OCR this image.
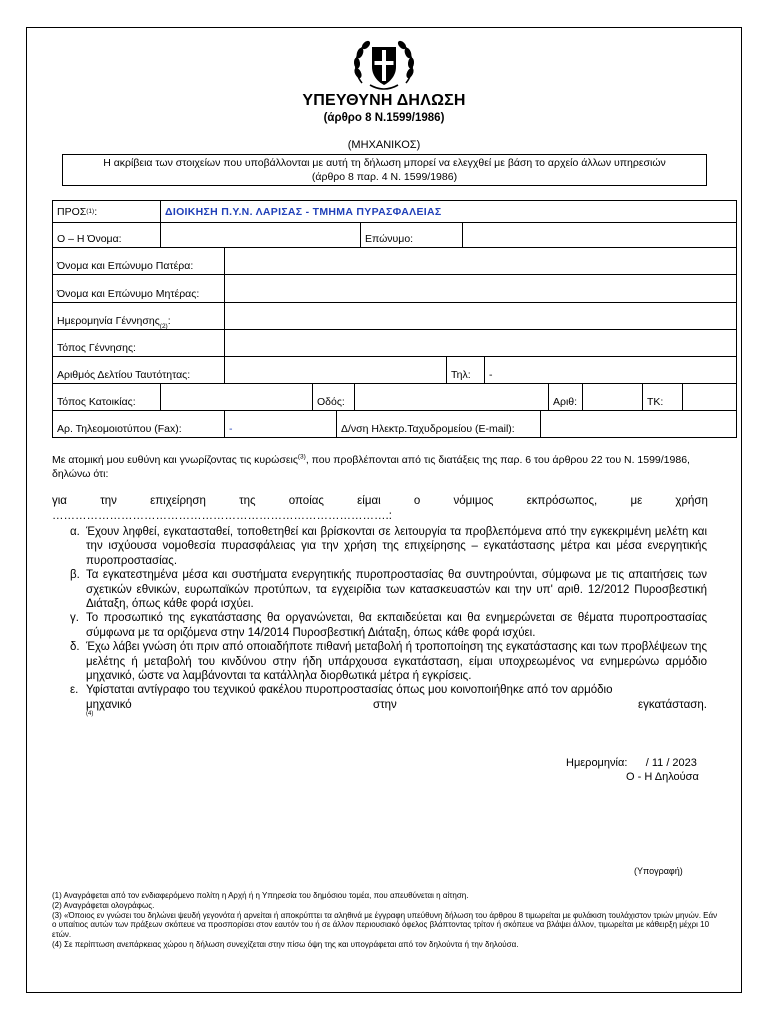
ΥΠΕΥΘΥΝΗ ΔΗΛΩΣΗ
(άρθρο 8 Ν.1599/1986)
(ΜΗΧΑΝΙΚΟΣ)
Η ακρίβεια των στοιχείων που υποβάλλονται με αυτή τη δήλωση μπορεί να ελεγχθεί με βάση το αρχείο άλλων υπηρεσιών
(άρθρο 8 παρ. 4 Ν. 1599/1986)
ΠΡΟΣ (1) :	ΔΙΟΙΚΗΣΗ Π.Υ.Ν. ΛΑΡΙΣΑΣ - ΤΜΗΜΑ ΠΥΡΑΣΦΑΛΕΙΑΣ
Ο – Η Όνομα:	Επώνυμο:
Όνομα και Επώνυμο Πατέρα:
Όνομα και Επώνυμο Μητέρας:
Ημερομηνία Γέννησης (2) :
Τόπος Γέννησης:
Αριθμός Δελτίου Ταυτότητας:	Τηλ:	-
Τόπος Κατοικίας:	Οδός:	Αριθ:	ΤΚ:
Αρ. Τηλεομοιοτύπου (Fax):	-	Δ/νση Ηλεκτρ.Ταχυδρομείου (E-mail):
Με ατομική μου ευθύνη και γνωρίζοντας τις κυρώσεις$^{(3)}$, που προβλέπονται από τις διατάξεις της παρ. 6 του άρθρου 22 του Ν. 1599/1986, δηλώνω ότι:
για	την	επιχείρηση	της	οποίας	είμαι	ο	νόμιμος	εκπρόσωπος,	με	χρήση
…………………………………………………………………………….:
α. Έχουν ληφθεί, εγκατασταθεί, τοποθετηθεί και βρίσκονται σε λειτουργία τα προβλεπόμενα από την εγκεκριμένη μελέτη και την ισχύουσα νομοθεσία πυρασφάλειας για την χρήση της επιχείρησης – εγκατάστασης μέτρα και μέσα ενεργητικής πυροπροστασίας.
β. Τα εγκατεστημένα μέσα και συστήματα ενεργητικής πυροπροστασίας θα συντηρούνται, σύμφωνα με τις απαιτήσεις των σχετικών εθνικών, ευρωπαϊκών προτύπων, τα εγχειρίδια των κατασκευαστών και την υπ' αριθ. 12/2012 Πυροσβεστική Διάταξη, όπως κάθε φορά ισχύει.
γ. Το προσωπικό της εγκατάστασης θα οργανώνεται, θα εκπαιδεύεται και θα ενημερώνεται σε θέματα πυροπροστασίας σύμφωνα με τα οριζόμενα στην 14/2014 Πυροσβεστική Διάταξη, όπως κάθε φορά ισχύει.
δ. Έχω λάβει γνώση ότι πριν από οποιαδήποτε πιθανή μεταβολή ή τροποποίηση της εγκατάστασης και των προβλέψεων της μελέτης ή μεταβολή του κινδύνου στην ήδη υπάρχουσα εγκατάσταση, είμαι υποχρεωμένος να ενημερώνω αρμόδιο μηχανικό, ώστε να λαμβάνονται τα κατάλληλα διορθωτικά μέτρα ή εγκρίσεις.
ε. Υφίσταται αντίγραφο του τεχνικού φακέλου πυροπροστασίας όπως μου κοινοποιήθηκε από τον αρμόδιο
μηχανικό	στην	εγκατάσταση.
(4)
Ημερομηνία: / 11 / 2023
Ο - Η Δηλούσα
(Υπογραφή)
(1) Αναγράφεται από τον ενδιαφερόμενο πολίτη η Αρχή ή η Υπηρεσία του δημόσιου τομέα, που απευθύνεται η αίτηση.
(2) Αναγράφεται ολογράφως.
(3) «Όποιος εν γνώσει του δηλώνει ψευδή γεγονότα ή αρνείται ή αποκρύπτει τα αληθινά με έγγραφη υπεύθυνη δήλωση του άρθρου 8 τιμωρείται με φυλάκιση τουλάχιστον τριών μηνών. Εάν ο υπαίτιος αυτών των πράξεων σκόπευε να προσπορίσει στον εαυτόν του ή σε άλλον περιουσιακό όφελος βλάπτοντας τρίτον ή σκόπευε να βλάψει άλλον, τιμωρείται με κάθειρξη μέχρι 10 ετών.
(4) Σε περίπτωση ανεπάρκειας χώρου η δήλωση συνεχίζεται στην πίσω όψη της και υπογράφεται από τον δηλούντα ή την δηλούσα.
